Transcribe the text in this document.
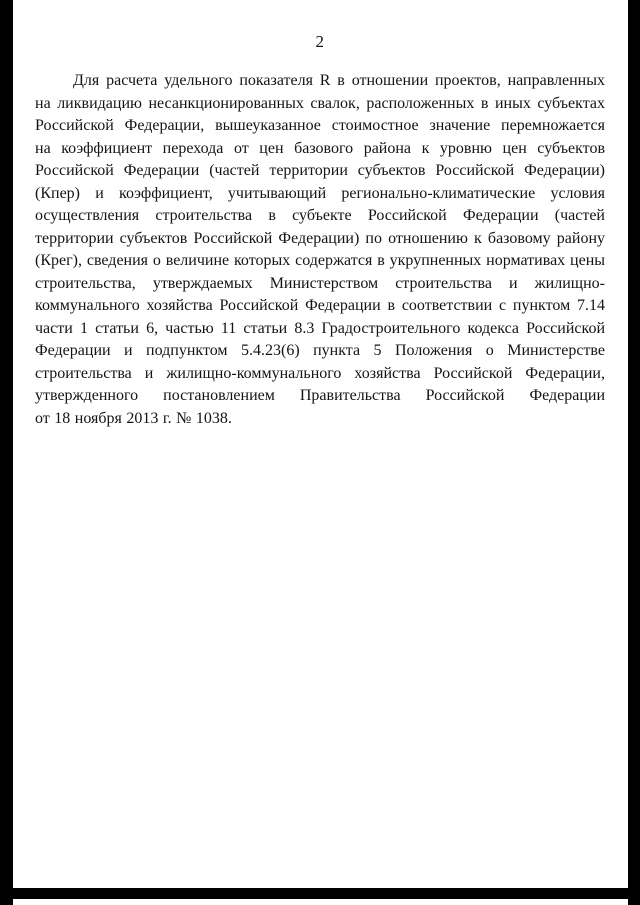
2
Для расчета удельного показателя R в отношении проектов, направленных
на ликвидацию несанкционированных свалок, расположенных в иных субъектах
Российской Федерации, вышеуказанное стоимостное значение перемножается
на коэффициент перехода от цен базового района к уровню цен субъектов
Российской Федерации (частей территории субъектов Российской Федерации)
(Кпер) и коэффициент, учитывающий регионально-климатические условия
осуществления строительства в субъекте Российской Федерации (частей
территории субъектов Российской Федерации) по отношению к базовому району
(Крег), сведения о величине которых содержатся в укрупненных нормативах цены
строительства, утверждаемых Министерством строительства и жилищно-
коммунального хозяйства Российской Федерации в соответствии с пунктом 7.14
части 1 статьи 6, частью 11 статьи 8.3 Градостроительного кодекса Российской
Федерации и подпунктом 5.4.23(6) пункта 5 Положения о Министерстве
строительства и жилищно-коммунального хозяйства Российской Федерации,
утвержденного постановлением Правительства Российской Федерации
от 18 ноября 2013 г. № 1038.
